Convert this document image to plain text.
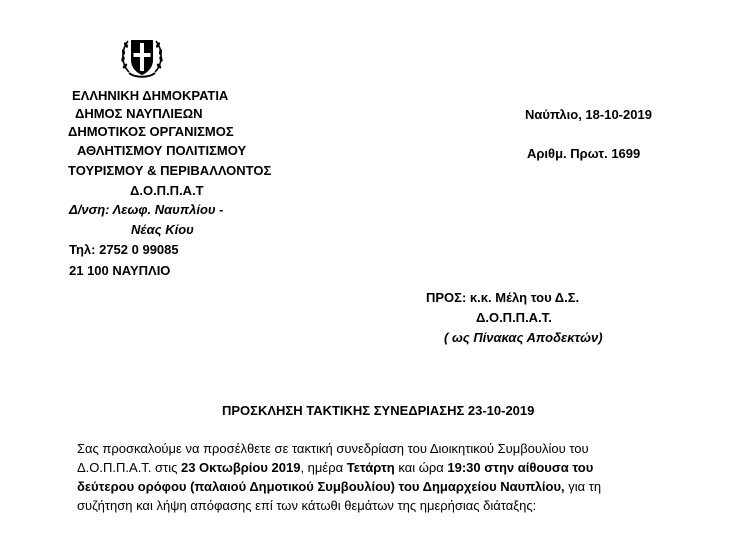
ΕΛΛΗΝΙΚΗ ΔΗΜΟΚΡΑΤΙΑ
ΔΗΜΟΣ ΝΑΥΠΛΙΕΩΝ
ΔΗΜΟΤΙΚΟΣ ΟΡΓΑΝΙΣΜΟΣ
ΑΘΛΗΤΙΣΜΟΥ ΠΟΛΙΤΙΣΜΟΥ
ΤΟΥΡΙΣΜΟΥ & ΠΕΡΙΒΑΛΛΟΝΤΟΣ
Δ.Ο.Π.Π.Α.Τ
Δ/νση: Λεωφ. Ναυπλίου -
Νέας Κίου
Τηλ: 2752 0 99085
21 100 ΝΑΥΠΛΙΟ
Ναύπλιο, 18-10-2019
Αριθμ. Πρωτ. 1699
ΠΡΟΣ: κ.κ. Μέλη του Δ.Σ.
Δ.Ο.Π.Π.Α.Τ.
( ως Πίνακας Αποδεκτών)
ΠΡΟΣΚΛΗΣΗ ΤΑΚΤΙΚΗΣ ΣΥΝΕΔΡΙΑΣΗΣ 23-10-2019
Σας προσκαλούμε να προσέλθετε σε τακτική συνεδρίαση του Διοικητικού Συμβουλίου του
Δ.Ο.Π.Π.Α.Τ. στις 23 Οκτωβρίου 2019, ημέρα Τετάρτη και ώρα 19:30 στην αίθουσα του
δεύτερου ορόφου (παλαιού Δημοτικού Συμβουλίου) του Δημαρχείου Ναυπλίου, για τη
συζήτηση και λήψη απόφασης επί των κάτωθι θεμάτων της ημερήσιας διάταξης:
